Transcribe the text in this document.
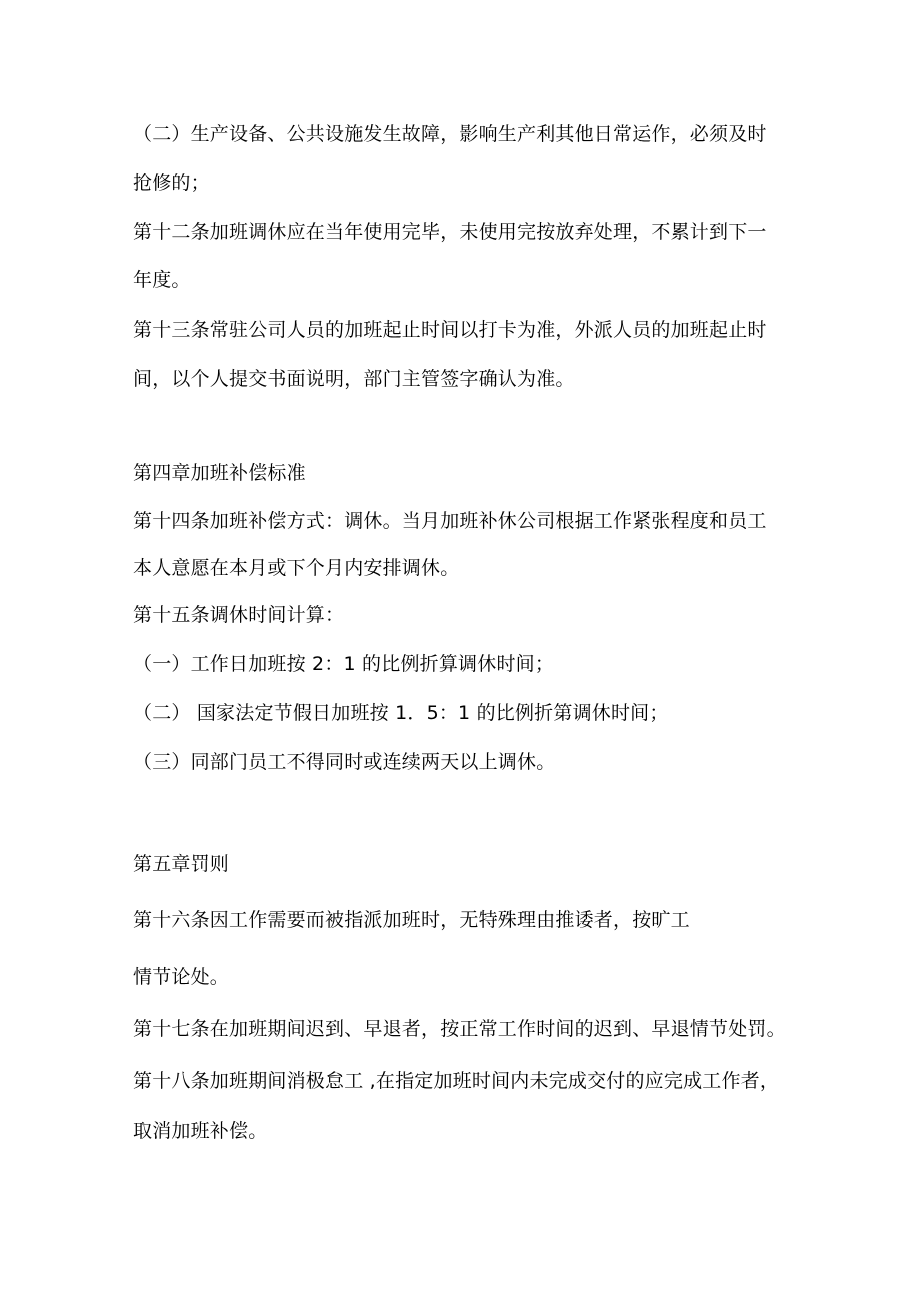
（二）生产设备、公共设施发生故障，影响生产利其他日常运作，必须及时
抢修的；
第十二条加班调休应在当年使用完毕，未使用完按放弃处理，不累计到下一
年度。
第十三条常驻公司人员的加班起止时间以打卡为准，外派人员的加班起止时
间，以个人提交书面说明，部门主管签字确认为准。
第四章加班补偿标准
第十四条加班补偿方式：调休。当月加班补休公司根据工作紧张程度和员工
本人意愿在本月或下个月内安排调休。
第十五条调休时间计算：
（一）工作日加班按 2：1 的比例折算调休时间；
（二） 国家法定节假日加班按 1．5：1 的比例折第调休时间；
（三）同部门员工不得同时或连续两天以上调休。
第五章罚则
第十六条因工作需要而被指派加班时，无特殊理由推诿者，按旷工
情节论处。
第十七条在加班期间迟到、早退者，按正常工作时间的迟到、早退情节处罚。
第十八条加班期间消极怠工 ,在指定加班时间内未完成交付的应完成工作者，
取消加班补偿。
